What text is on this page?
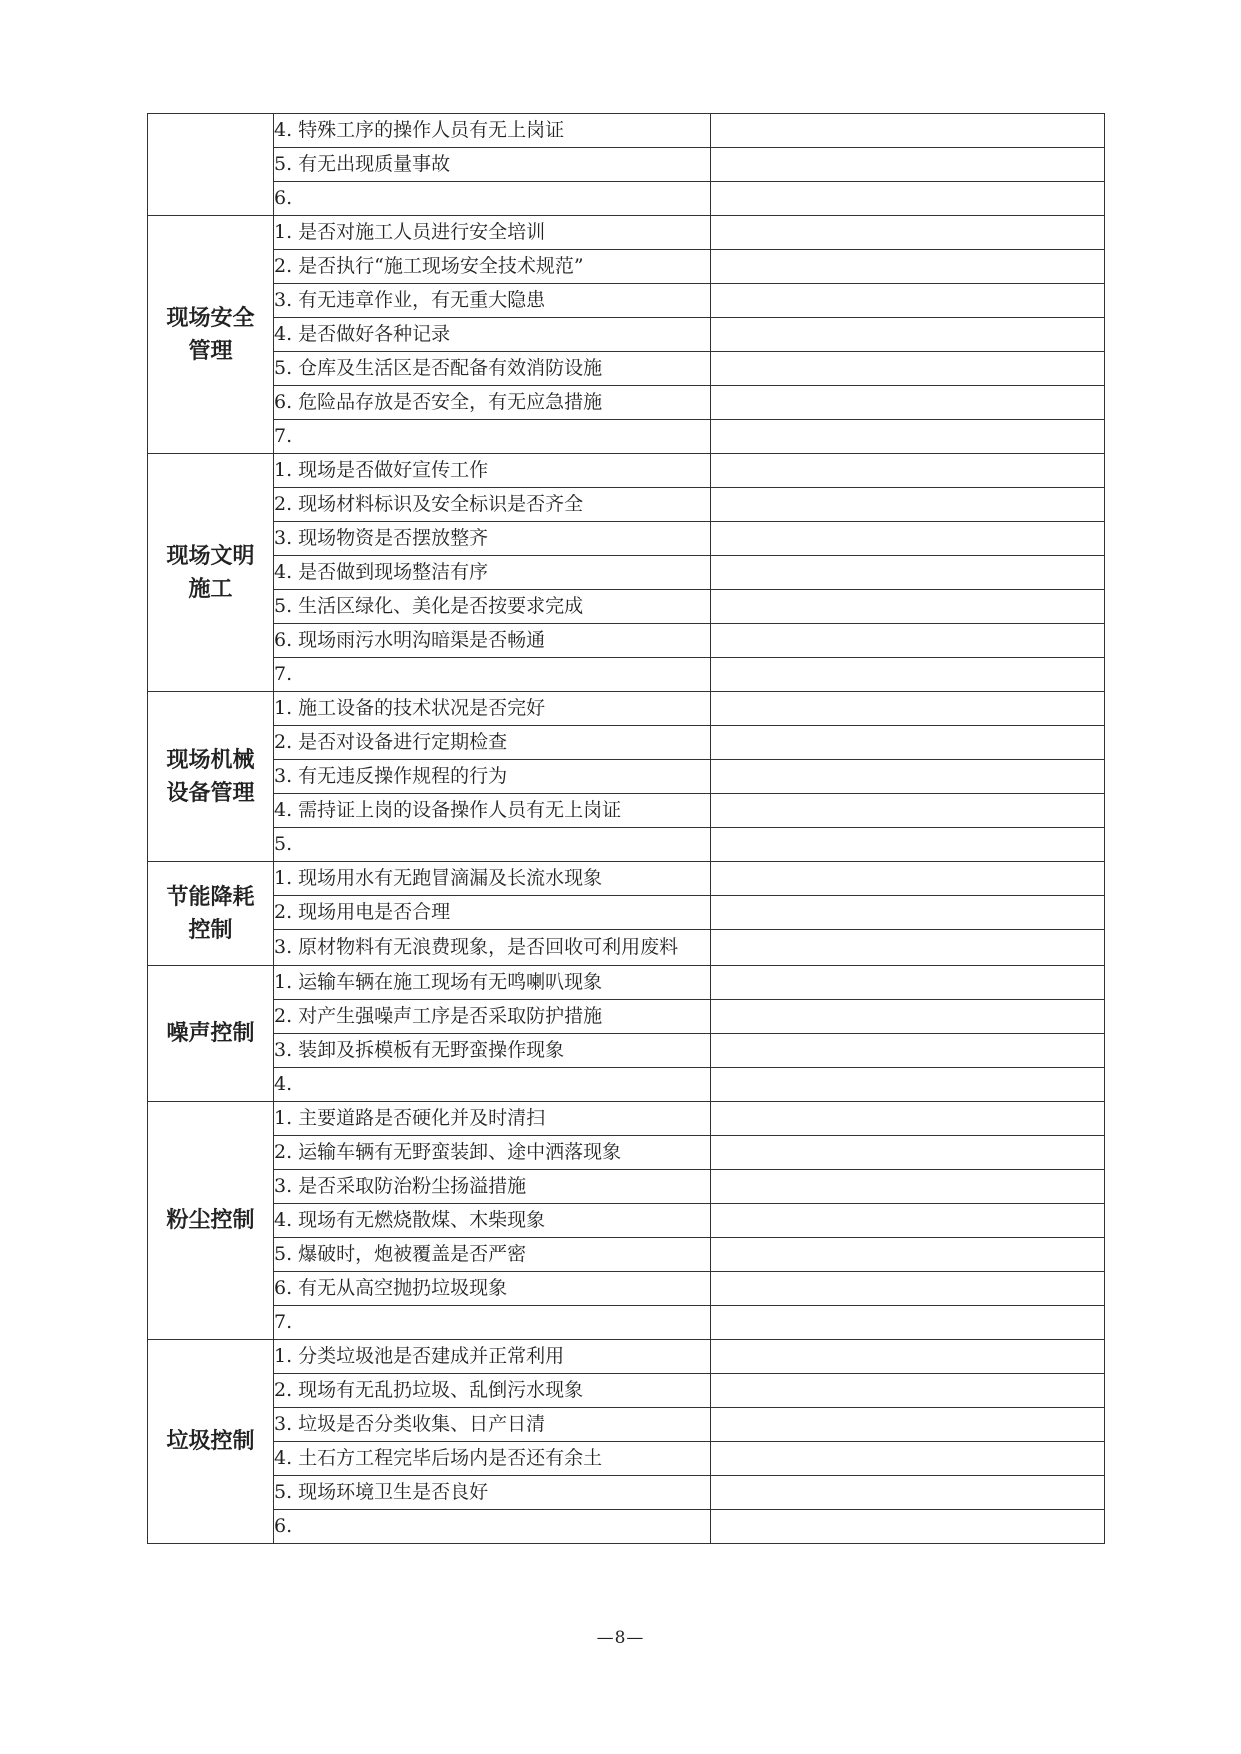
	4. 特殊工序的操作人员有无上岗证	
	5. 有无出现质量事故	
	6.	
现场安全管理	1. 是否对施工人员进行安全培训	
	2. 是否执行“施工现场安全技术规范”	
	3. 有无违章作业，有无重大隐患	
	4. 是否做好各种记录	
	5. 仓库及生活区是否配备有效消防设施	
	6. 危险品存放是否安全，有无应急措施	
	7.	
现场文明施工	1. 现场是否做好宣传工作	
	2. 现场材料标识及安全标识是否齐全	
	3. 现场物资是否摆放整齐	
	4. 是否做到现场整洁有序	
	5. 生活区绿化、美化是否按要求完成	
	6. 现场雨污水明沟暗渠是否畅通	
	7.	
现场机械设备管理	1. 施工设备的技术状况是否完好	
	2. 是否对设备进行定期检查	
	3. 有无违反操作规程的行为	
	4. 需持证上岗的设备操作人员有无上岗证	
	5.	
节能降耗控制	1. 现场用水有无跑冒滴漏及长流水现象	
	2. 现场用电是否合理	
	3. 原材物料有无浪费现象，是否回收可利用废料	
噪声控制	1. 运输车辆在施工现场有无鸣喇叭现象	
	2. 对产生强噪声工序是否采取防护措施	
	3. 装卸及拆模板有无野蛮操作现象	
	4.	
粉尘控制	1. 主要道路是否硬化并及时清扫	
	2. 运输车辆有无野蛮装卸、途中洒落现象	
	3. 是否采取防治粉尘扬溢措施	
	4. 现场有无燃烧散煤、木柴现象	
	5. 爆破时，炮被覆盖是否严密	
	6. 有无从高空抛扔垃圾现象	
	7.	
垃圾控制	1. 分类垃圾池是否建成并正常利用	
	2. 现场有无乱扔垃圾、乱倒污水现象	
	3. 垃圾是否分类收集、日产日清	
	4. 土石方工程完毕后场内是否还有余土	
	5. 现场环境卫生是否良好	
	6.	
—8—
